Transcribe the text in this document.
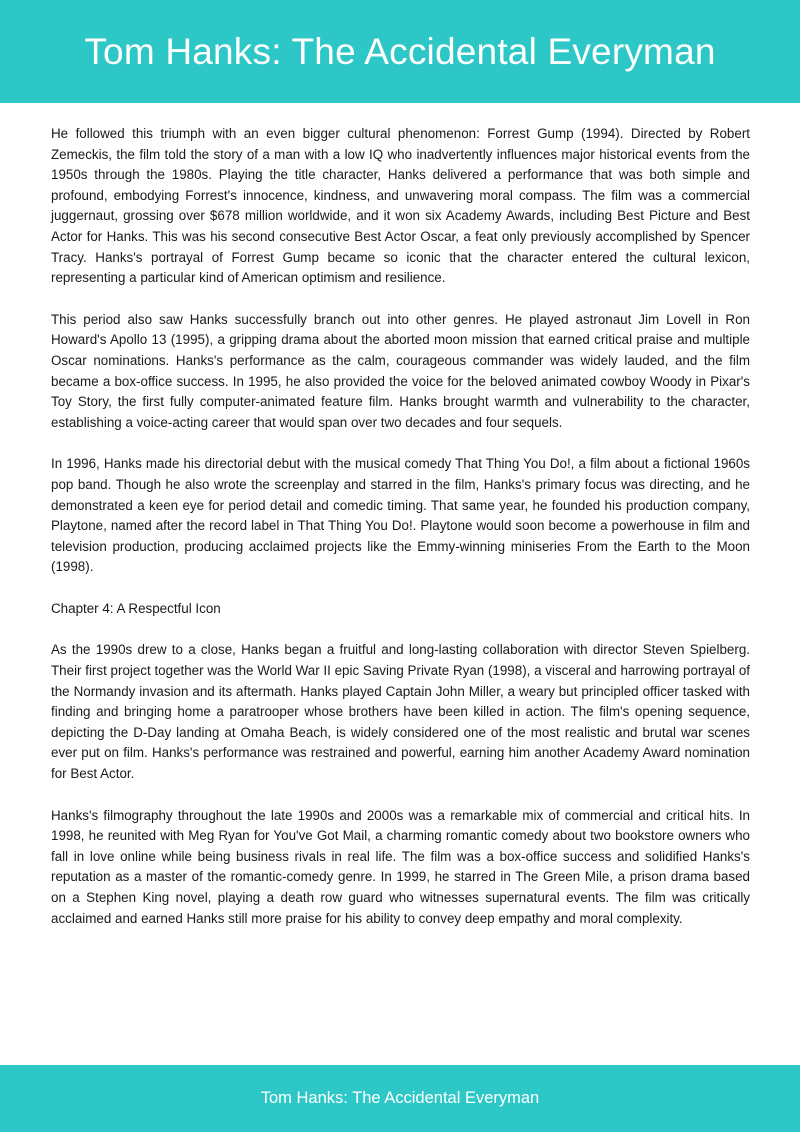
Tom Hanks: The Accidental Everyman

He followed this triumph with an even bigger cultural phenomenon: Forrest Gump (1994). Directed by Robert Zemeckis, the film told the story of a man with a low IQ who inadvertently influences major historical events from the 1950s through the 1980s. Playing the title character, Hanks delivered a performance that was both simple and profound, embodying Forrest's innocence, kindness, and unwavering moral compass. The film was a commercial juggernaut, grossing over $678 million worldwide, and it won six Academy Awards, including Best Picture and Best Actor for Hanks. This was his second consecutive Best Actor Oscar, a feat only previously accomplished by Spencer Tracy. Hanks's portrayal of Forrest Gump became so iconic that the character entered the cultural lexicon, representing a particular kind of American optimism and resilience.

This period also saw Hanks successfully branch out into other genres. He played astronaut Jim Lovell in Ron Howard's Apollo 13 (1995), a gripping drama about the aborted moon mission that earned critical praise and multiple Oscar nominations. Hanks's performance as the calm, courageous commander was widely lauded, and the film became a box-office success. In 1995, he also provided the voice for the beloved animated cowboy Woody in Pixar's Toy Story, the first fully computer-animated feature film. Hanks brought warmth and vulnerability to the character, establishing a voice-acting career that would span over two decades and four sequels.

In 1996, Hanks made his directorial debut with the musical comedy That Thing You Do!, a film about a fictional 1960s pop band. Though he also wrote the screenplay and starred in the film, Hanks's primary focus was directing, and he demonstrated a keen eye for period detail and comedic timing. That same year, he founded his production company, Playtone, named after the record label in That Thing You Do!. Playtone would soon become a powerhouse in film and television production, producing acclaimed projects like the Emmy-winning miniseries From the Earth to the Moon (1998).

Chapter 4: A Respectful Icon

As the 1990s drew to a close, Hanks began a fruitful and long-lasting collaboration with director Steven Spielberg. Their first project together was the World War II epic Saving Private Ryan (1998), a visceral and harrowing portrayal of the Normandy invasion and its aftermath. Hanks played Captain John Miller, a weary but principled officer tasked with finding and bringing home a paratrooper whose brothers have been killed in action. The film's opening sequence, depicting the D-Day landing at Omaha Beach, is widely considered one of the most realistic and brutal war scenes ever put on film. Hanks's performance was restrained and powerful, earning him another Academy Award nomination for Best Actor.

Hanks's filmography throughout the late 1990s and 2000s was a remarkable mix of commercial and critical hits. In 1998, he reunited with Meg Ryan for You've Got Mail, a charming romantic comedy about two bookstore owners who fall in love online while being business rivals in real life. The film was a box-office success and solidified Hanks's reputation as a master of the romantic-comedy genre. In 1999, he starred in The Green Mile, a prison drama based on a Stephen King novel, playing a death row guard who witnesses supernatural events. The film was critically acclaimed and earned Hanks still more praise for his ability to convey deep empathy and moral complexity.

Tom Hanks: The Accidental Everyman
